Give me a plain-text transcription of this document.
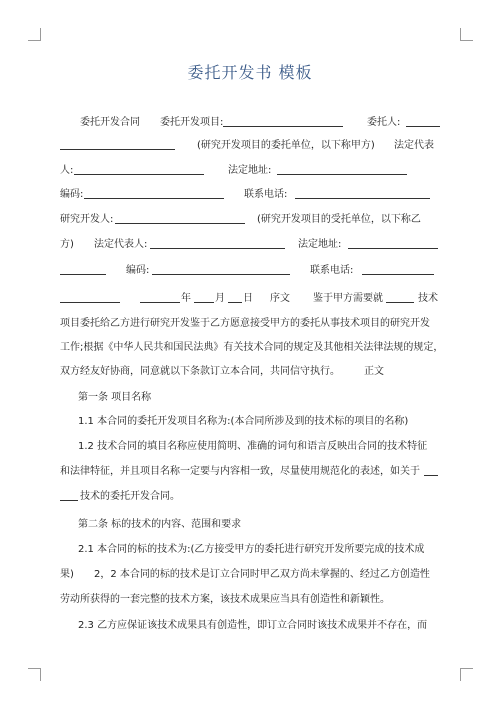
委托开发书 模板
委托开发合同 委托开发项目:	委托人:
(研究开发项目的委托单位，以下称甲方) 法定代表
人:	法定地址:
编码:	联系电话:
研究开发人:	(研究开发项目的受托单位，以下称乙
方) 法定代表人:	法定地址:
编码:	联系电话:
年 月 日 序文 鉴于甲方需要就	技术
项目委托给乙方进行研究开发鉴于乙方愿意接受甲方的委托从事技术项目的研究开发
工作;根据《中华人民共和国民法典》有关技术合同的规定及其他相关法律法规的规定，
双方经友好协商，同意就以下条款订立本合同，共同信守执行。 正文
第一条 项目名称
1.1 本合同的委托开发项目名称为:(本合同所涉及到的技术标的项目的名称)
1.2 技术合同的填目名称应使用简明、准确的词句和语言反映出合同的技术特征
和法律特征，并且项目名称一定要与内容相一致，尽量使用规范化的表述，如关于
技术的委托开发合同。
第二条 标的技术的内容、范围和要求
2.1 本合同的标的技术为:(乙方接受甲方的委托进行研究开发所要完成的技术成
果) 2，2 本合同的标的技术是订立合同时甲乙双方尚未掌握的、经过乙方创造性
劳动所获得的一套完整的技术方案，该技术成果应当具有创造性和新颖性。
2.3 乙方应保证该技术成果具有创造性，即订立合同时该技术成果并不存在，而
